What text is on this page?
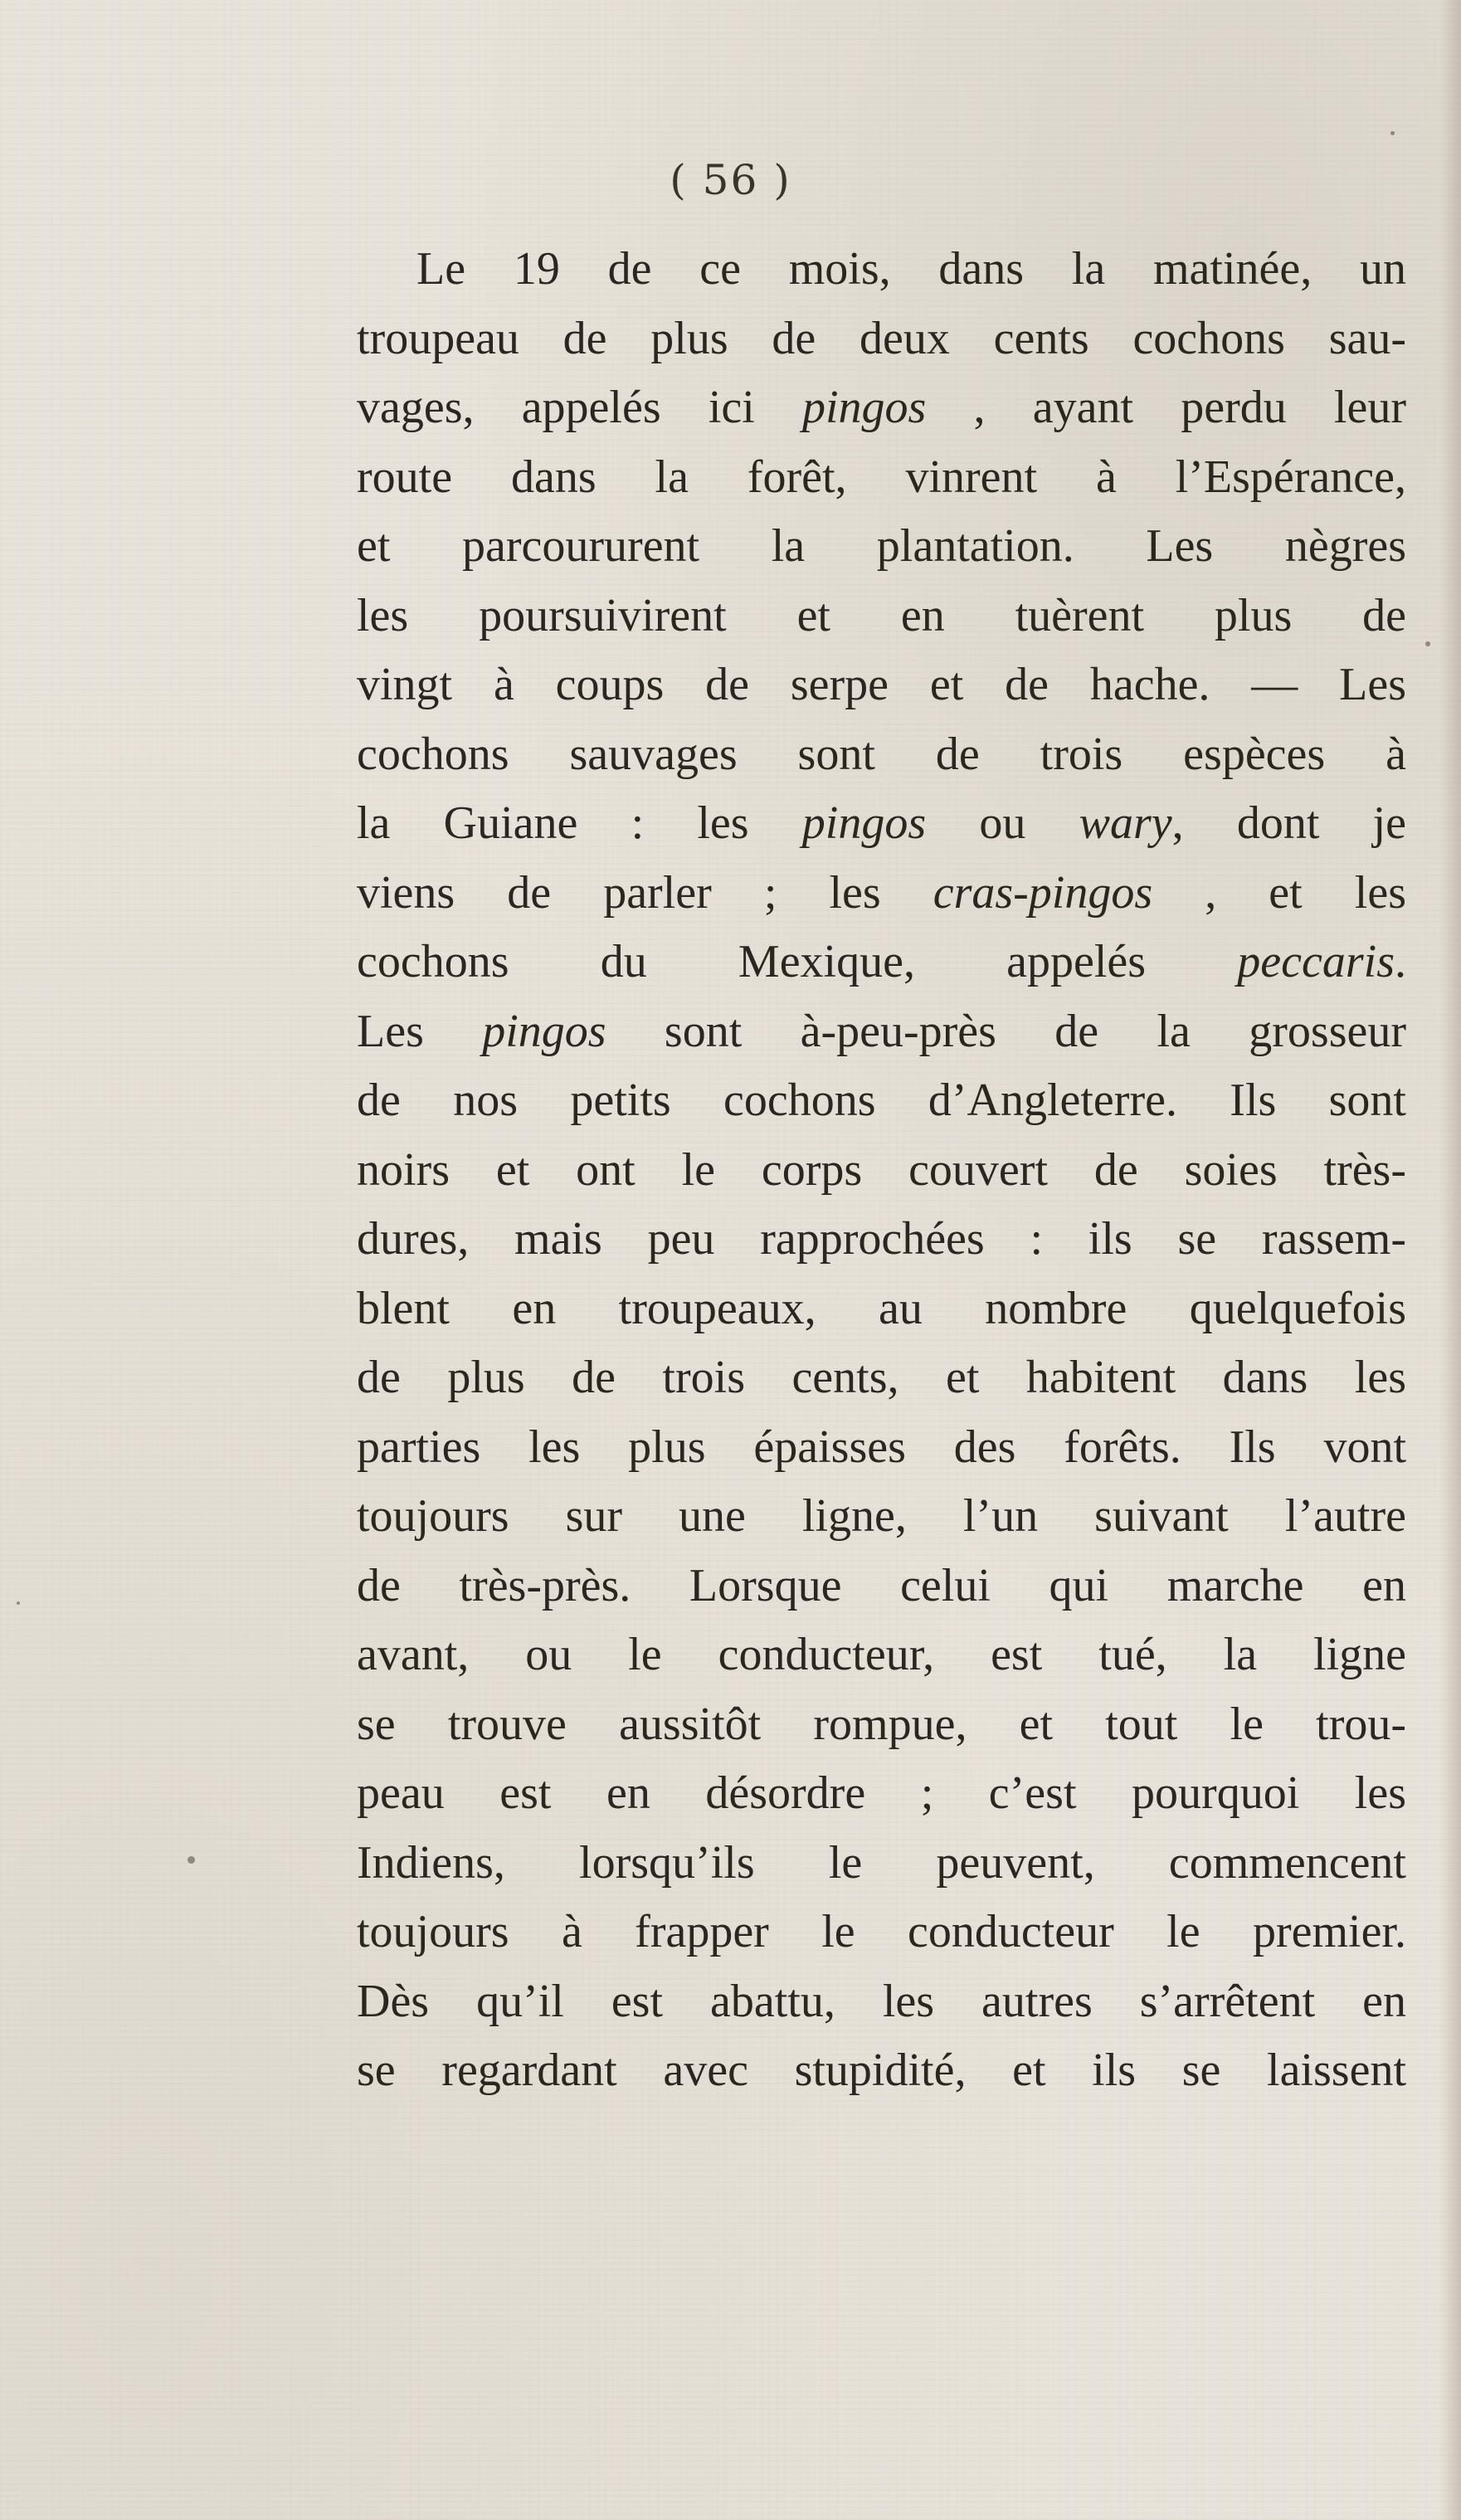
( 56 )
Le 19 de ce mois, dans la matinée, un
troupeau de plus de deux cents cochons sau-
vages, appelés ici pingos , ayant perdu leur
route dans la forêt, vinrent à l’Espérance,
et parcoururent la plantation. Les nègres
les poursuivirent et en tuèrent plus de
vingt à coups de serpe et de hache. — Les
cochons sauvages sont de trois espèces à
la Guiane : les pingos ou wary, dont je
viens de parler ; les cras-pingos , et les
cochons du Mexique, appelés peccaris.
Les pingos sont à-peu-près de la grosseur
de nos petits cochons d’Angleterre. Ils sont
noirs et ont le corps couvert de soies très-
dures, mais peu rapprochées : ils se rassem-
blent en troupeaux, au nombre quelquefois
de plus de trois cents, et habitent dans les
parties les plus épaisses des forêts. Ils vont
toujours sur une ligne, l’un suivant l’autre
de très-près. Lorsque celui qui marche en
avant, ou le conducteur, est tué, la ligne
se trouve aussitôt rompue, et tout le trou-
peau est en désordre ; c’est pourquoi les
Indiens, lorsqu’ils le peuvent, commencent
toujours à frapper le conducteur le premier.
Dès qu’il est abattu, les autres s’arrêtent en
se regardant avec stupidité, et ils se laissent
